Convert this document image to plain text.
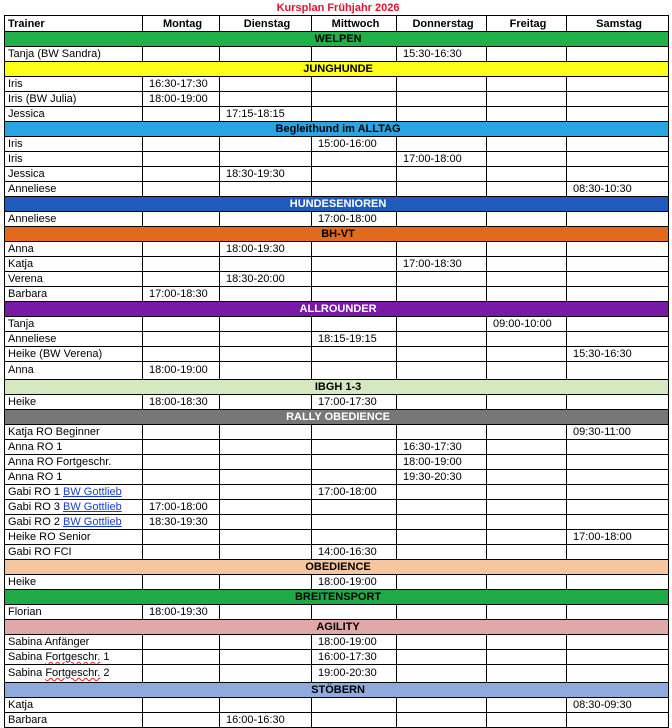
Kursplan Frühjahr 2026						
Trainer	Montag	Dienstag	Mittwoch	Donnerstag	Freitag	Samstag
WELPEN						
Tanja (BW Sandra)				15:30-16:30		
JUNGHUNDE						
Iris	16:30-17:30					
Iris (BW Julia)	18:00-19:00					
Jessica		17:15-18:15				
Begleithund im ALLTAG						
Iris			15:00-16:00			
Iris				17:00-18:00		
Jessica		18:30-19:30				
Anneliese						08:30-10:30
HUNDESENIOREN						
Anneliese			17:00-18:00			
BH-VT						
Anna		18:00-19:30				
Katja				17:00-18:30		
Verena		18:30-20:00				
Barbara	17:00-18:30					
ALLROUNDER						
Tanja					09:00-10:00	
Anneliese			18:15-19:15			
Heike (BW Verena)						15:30-16:30
Anna	18:00-19:00					
IBGH 1-3						
Heike	18:00-18:30		17:00-17:30			
RALLY OBEDIENCE						
Katja RO Beginner						09:30-11:00
Anna RO 1				16:30-17:30		
Anna RO Fortgeschr.				18:00-19:00		
Anna RO 1				19:30-20:30		
Gabi RO 1 BW Gottlieb			17:00-18:00			
Gabi RO 3 BW Gottlieb	17:00-18:00					
Gabi RO 2 BW Gottlieb	18:30-19:30					
Heike RO Senior						17:00-18:00
Gabi RO FCI			14:00-16:30			
OBEDIENCE						
Heike			18:00-19:00			
BREITENSPORT						
Florian	18:00-19:30					
AGILITY						
Sabina Anfänger			18:00-19:00			
Sabina Fortgeschr. 1			16:00-17:30			
Sabina Fortgeschr. 2			19:00-20:30			
STÖBERN						
Katja						08:30-09:30
Barbara		16:00-16:30				
